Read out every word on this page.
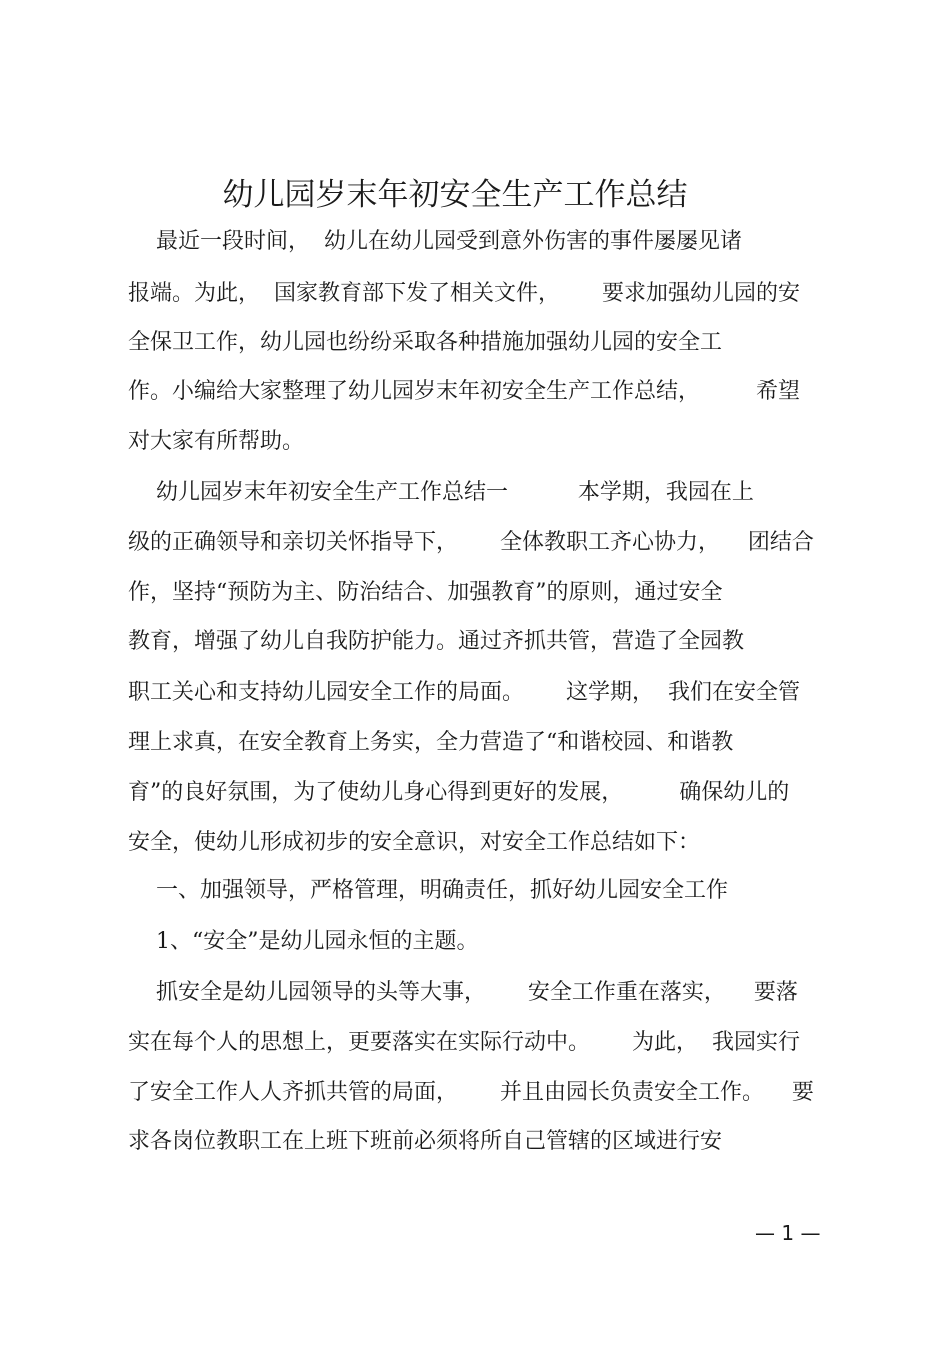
幼儿园岁末年初安全生产工作总结
最近一段时间，  幼儿在幼儿园受到意外伤害的事件屡屡见诸
报端。为此，  国家教育部下发了相关文件，      要求加强幼儿园的安
全保卫工作，幼儿园也纷纷采取各种措施加强幼儿园的安全工
作。小编给大家整理了幼儿园岁末年初安全生产工作总结，        希望
对大家有所帮助。
幼儿园岁末年初安全生产工作总结一          本学期，我园在上
级的正确领导和亲切关怀指导下，      全体教职工齐心协力，    团结合
作，坚持“预防为主、防治结合、加强教育”的原则，通过安全
教育，增强了幼儿自我防护能力。通过齐抓共管，营造了全园教
职工关心和支持幼儿园安全工作的局面。      这学期，  我们在安全管
理上求真，在安全教育上务实，全力营造了“和谐校园、和谐教
育”的良好氛围，为了使幼儿身心得到更好的发展，        确保幼儿的
安全，使幼儿形成初步的安全意识，对安全工作总结如下：
一、加强领导，严格管理，明确责任，抓好幼儿园安全工作
1、“安全”是幼儿园永恒的主题。
抓安全是幼儿园领导的头等大事，      安全工作重在落实，    要落
实在每个人的思想上，更要落实在实际行动中。      为此，  我园实行
了安全工作人人齐抓共管的局面，      并且由园长负责安全工作。    要
求各岗位教职工在上班下班前必须将所自己管辖的区域进行安
— 1 —
